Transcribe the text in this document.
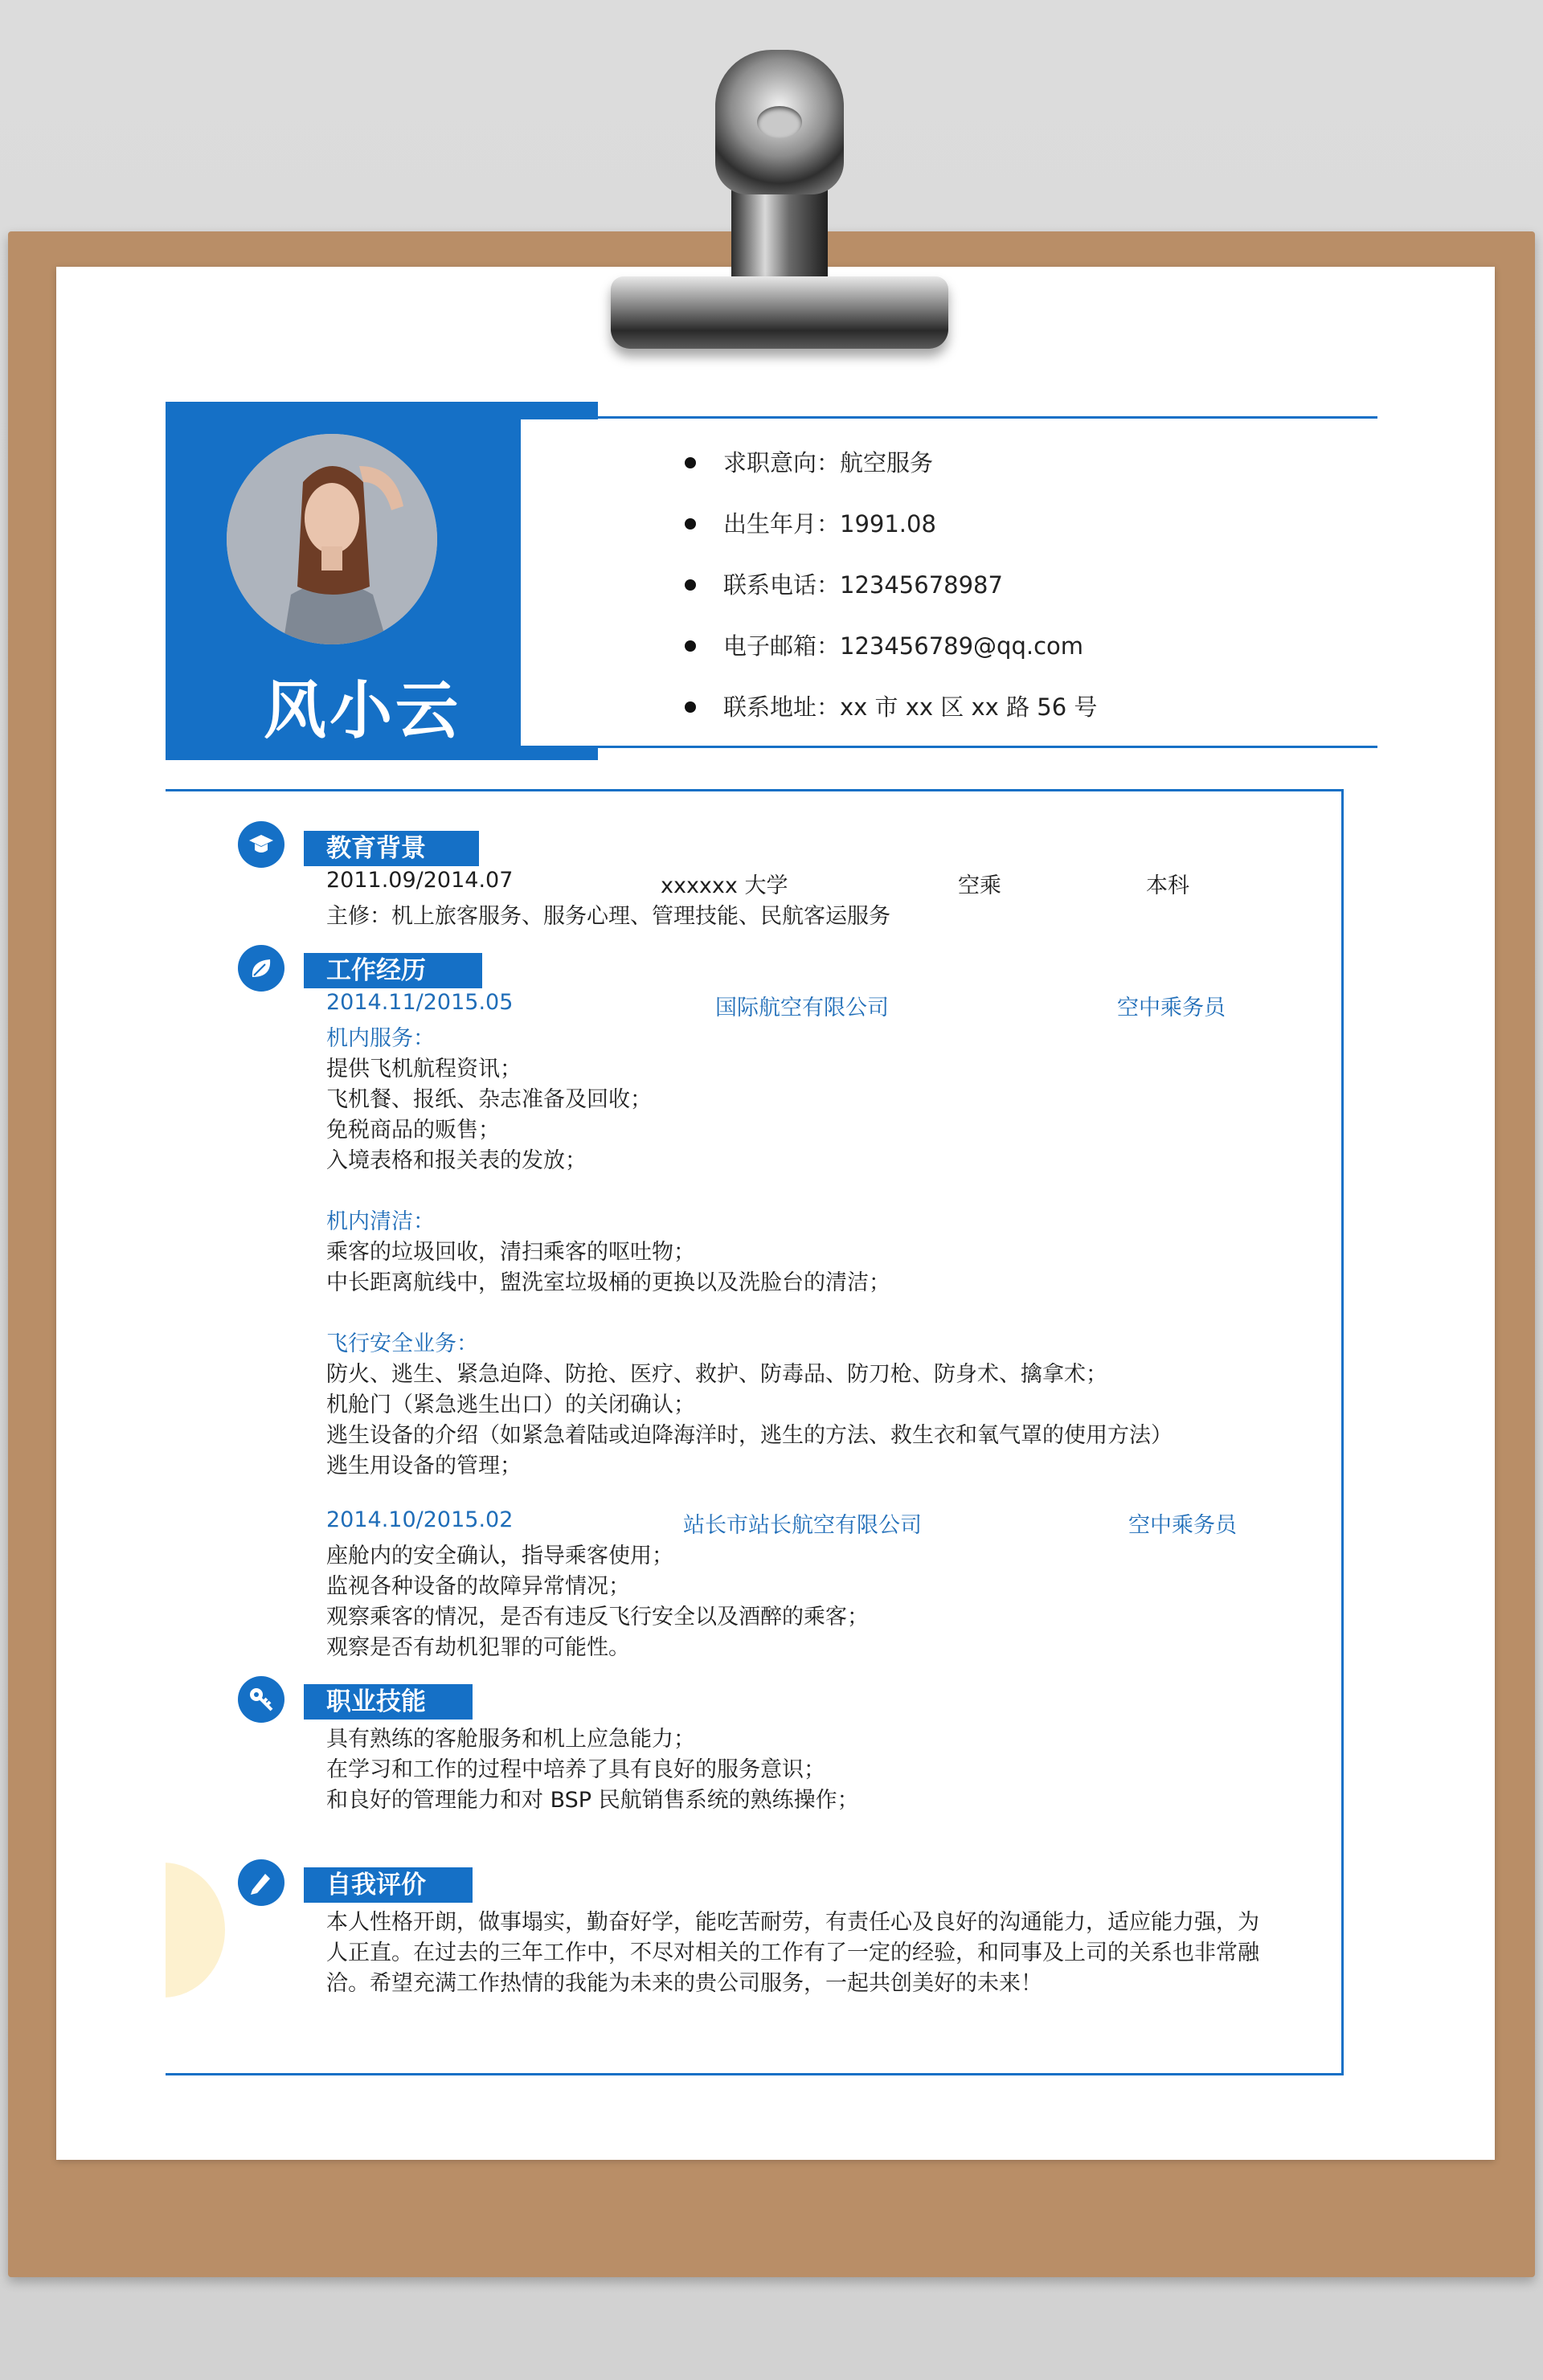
风小云
求职意向：航空服务
出生年月：1991.08
联系电话：12345678987
电子邮箱：123456789@qq.com
联系地址：xx 市 xx 区 xx 路 56 号
教育背景
2011.09/2014.07	xxxxxx 大学	空乘	本科
主修：机上旅客服务、服务心理、管理技能、民航客运服务
工作经历
2014.11/2015.05	国际航空有限公司	空中乘务员
机内服务：
提供飞机航程资讯；
飞机餐、报纸、杂志准备及回收；
免税商品的贩售；
入境表格和报关表的发放；
机内清洁：
乘客的垃圾回收，清扫乘客的呕吐物；
中长距离航线中，盥洗室垃圾桶的更换以及洗脸台的清洁；
飞行安全业务：
防火、逃生、紧急迫降、防抢、医疗、救护、防毒品、防刀枪、防身术、擒拿术；
机舱门（紧急逃生出口）的关闭确认；
逃生设备的介绍（如紧急着陆或迫降海洋时，逃生的方法、救生衣和氧气罩的使用方法）
逃生用设备的管理；
2014.10/2015.02	站长市站长航空有限公司	空中乘务员
座舱内的安全确认，指导乘客使用；
监视各种设备的故障异常情况；
观察乘客的情况，是否有违反飞行安全以及酒醉的乘客；
观察是否有劫机犯罪的可能性。
职业技能
具有熟练的客舱服务和机上应急能力；
在学习和工作的过程中培养了具有良好的服务意识；
和良好的管理能力和对 BSP 民航销售系统的熟练操作；
自我评价
本人性格开朗，做事塌实，勤奋好学，能吃苦耐劳，有责任心及良好的沟通能力，适应能力强，为
人正直。在过去的三年工作中，不尽对相关的工作有了一定的经验，和同事及上司的关系也非常融
洽。希望充满工作热情的我能为未来的贵公司服务，一起共创美好的未来！
